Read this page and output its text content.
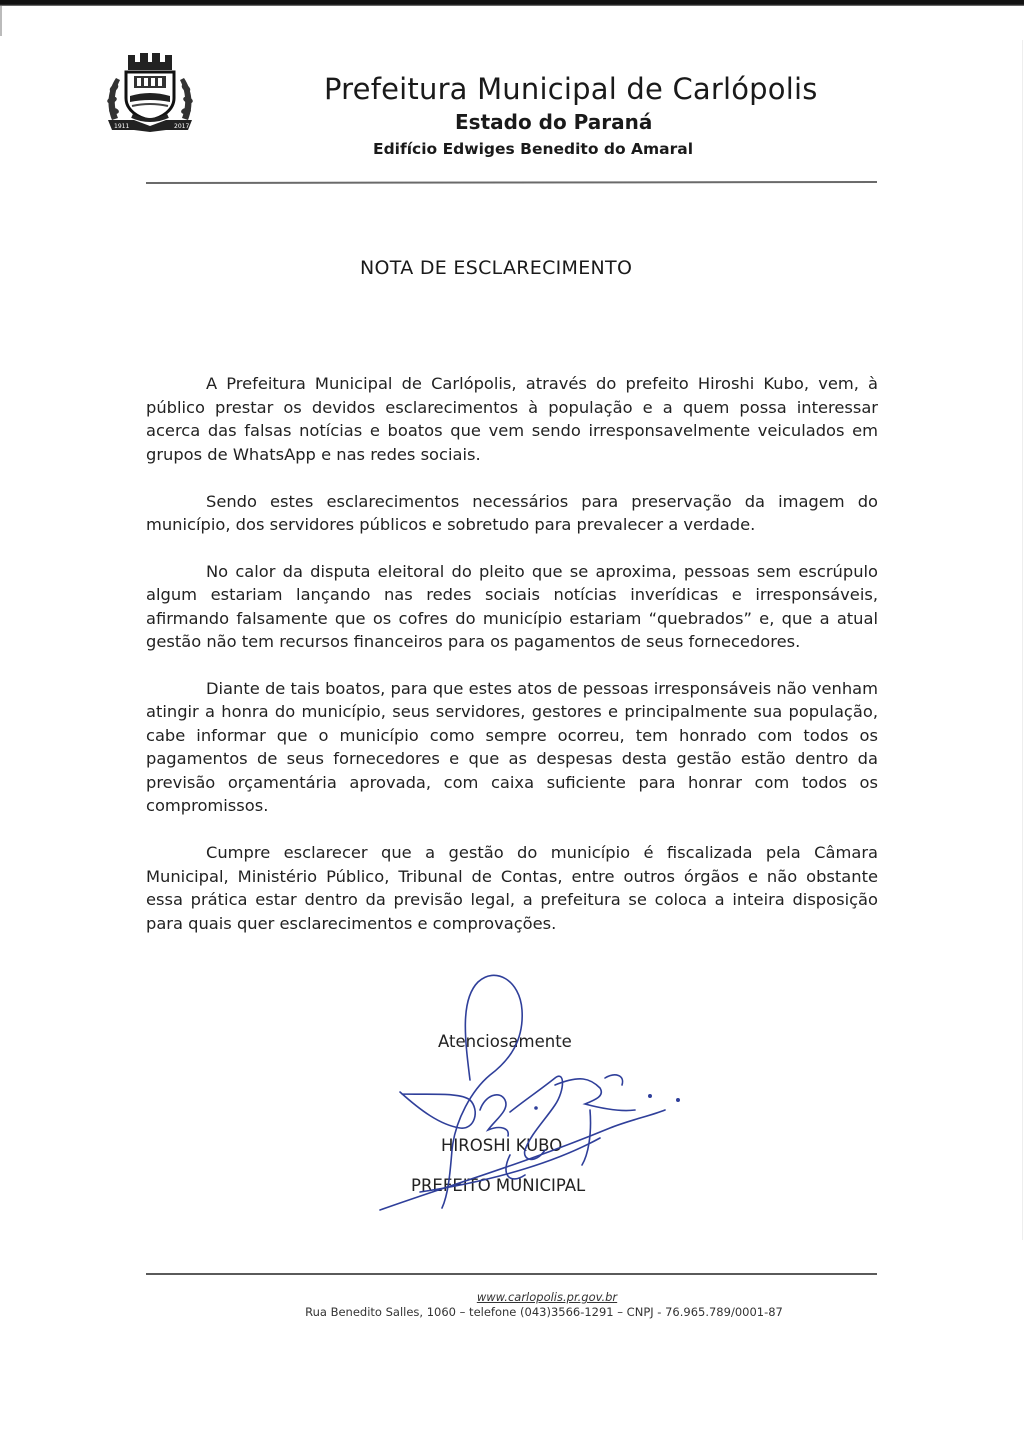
1911	2017
Prefeitura Municipal de Carlópolis
Estado do Paraná
Edifício Edwiges Benedito do Amaral
NOTA DE ESCLARECIMENTO

A Prefeitura Municipal de Carlópolis, através do prefeito Hiroshi Kubo, vem, à público prestar os devidos esclarecimentos à população e a quem possa interessar acerca das falsas notícias e boatos que vem sendo irresponsavelmente veiculados em grupos de WhatsApp e nas redes sociais.

Sendo estes esclarecimentos necessários para preservação da imagem do município, dos servidores públicos e sobretudo para prevalecer a verdade.

No calor da disputa eleitoral do pleito que se aproxima, pessoas sem escrúpulo algum estariam lançando nas redes sociais notícias inverídicas e irresponsáveis, afirmando falsamente que os cofres do município estariam “quebrados” e, que a atual gestão não tem recursos financeiros para os pagamentos de seus fornecedores.

Diante de tais boatos, para que estes atos de pessoas irresponsáveis não venham atingir a honra do município, seus servidores, gestores e principalmente sua população, cabe informar que o município como sempre ocorreu, tem honrado com todos os pagamentos de seus fornecedores e que as despesas desta gestão estão dentro da previsão orçamentária aprovada, com caixa suficiente para honrar com todos os compromissos.

Cumpre esclarecer que a gestão do município é fiscalizada pela Câmara Municipal, Ministério Público, Tribunal de Contas, entre outros órgãos e não obstante essa prática estar dentro da previsão legal, a prefeitura se coloca a inteira disposição para quais quer esclarecimentos e comprovações.

Atenciosamente
HIROSHI KUBO
PREFEITO MUNICIPAL
www.carlopolis.pr.gov.br
Rua Benedito Salles, 1060 – telefone (043)3566-1291 – CNPJ - 76.965.789/0001-87
